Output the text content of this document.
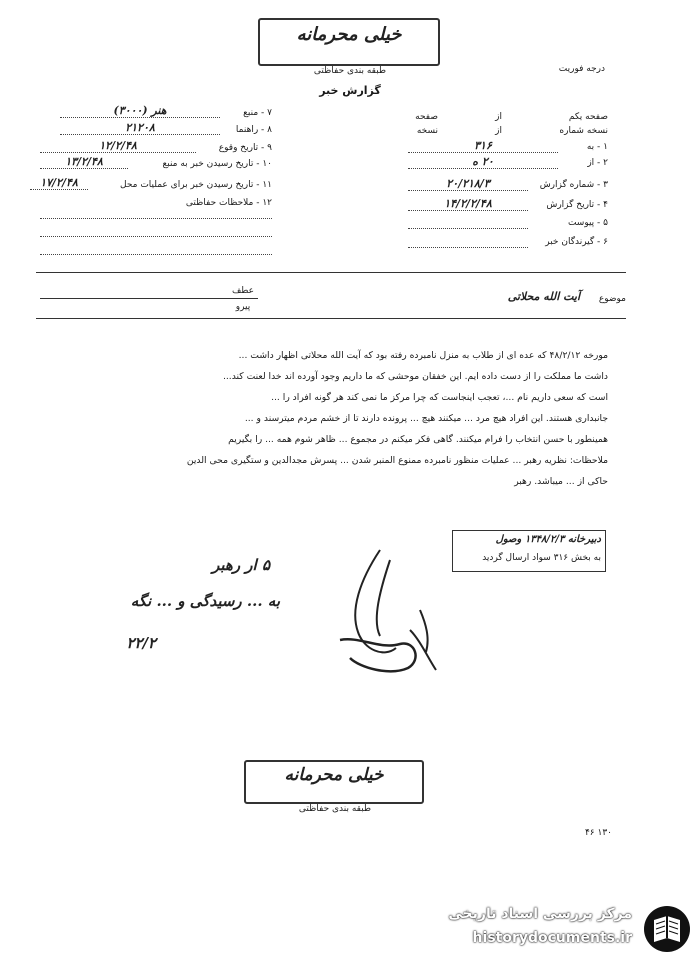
خیلی محرمانه
طبقه بندی حفاظتی	درجه فوریت
گزارش خبر
صفحه یکم
از
صفحه
نسخه شماره
از
نسخه
۱ - به
۳۱۶
۲ - از
۲۰ ه
۳ - شماره گزارش
۲۰/۲۱۸/۳
۴ - تاریخ گزارش
۱۴/۲/۲/۴۸
۵ - پیوست
۶ - گیرندگان خبر
۷ - منبع
هنر (۳۰۰۰)
۸ - راهنما
۲۱۲۰۸
۹ - تاریخ وقوع
۱۲/۲/۴۸
۱۰ - تاریخ رسیدن خبر به منبع
۱۳/۲/۴۸
۱۱ - تاریخ رسیدن خبر برای عملیات محل
۱۷/۲/۴۸
۱۲ - ملاحظات حفاظتی
موضوع
آیت الله محلاتی
عطف
پیرو
مورخه ۴۸/۲/۱۲ که عده ای از طلاب به منزل نامبرده رفته بود که آیت الله محلاتی اظهار داشت ...
داشت ما مملکت را از دست داده ایم. این خفقان موحشی که ما داریم وجود آورده اند خدا لعنت کند...
است که سعی داریم نام ...، تعجب اینجاست که چرا مرکز ما نمی کند هر گونه افراد را ...
جانبداری هستند. این افراد هیچ مرد ... میکنند هیچ ... پرونده دارند تا از خشم مردم میترسند و ...
همینطور با حسن انتخاب را فرام میکنند. گاهی فکر میکنم در مجموع ... ظاهر شوم همه ... را بگیریم
ملاحظات: نظریه رهبر ... عملیات منظور نامبرده ممنوع المنبر شدن ... پسرش مجدالدین و ستگیری محی الدین
حاکی از ... میباشد. رهبر
دبیرخانه ۱۳۴۸/۲/۳ وصول
به بخش ۳۱۶ سواد ارسال گردید
۵ ار رهبر
به ... رسیدگی و ... نگه
۲۲/۲
خیلی محرمانه
طبقه بندی حفاظتی
۴۶ ۱۳۰
مرکز بررسی اسناد تاریخی
historydocuments.ir
